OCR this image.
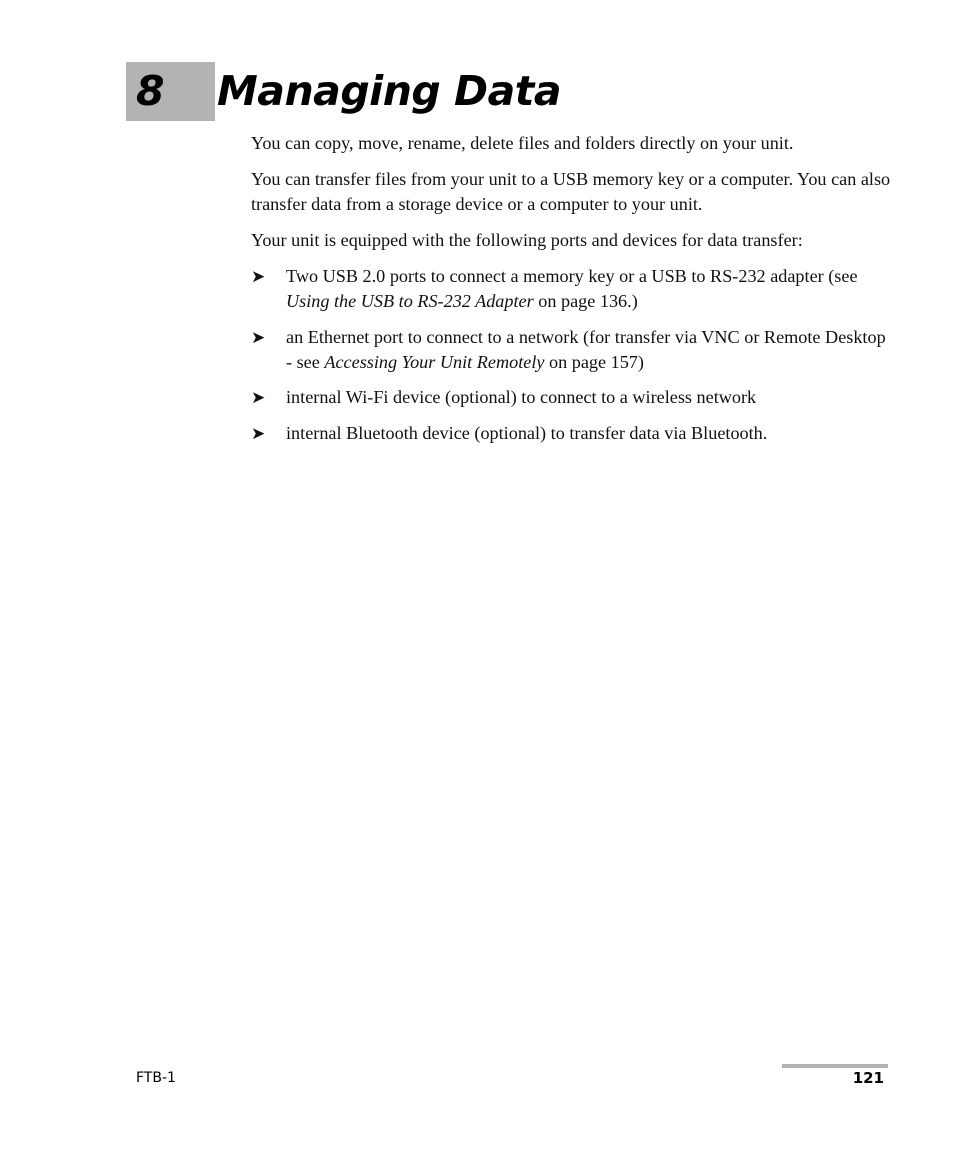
8 Managing Data

You can copy, move, rename, delete files and folders directly on your unit.

You can transfer files from your unit to a USB memory key or a computer. You can also transfer data from a storage device or a computer to your unit.

Your unit is equipped with the following ports and devices for data transfer:

➤ Two USB 2.0 ports to connect a memory key or a USB to RS-232 adapter (see Using the USB to RS-232 Adapter on page 136.)
➤ an Ethernet port to connect to a network (for transfer via VNC or Remote Desktop - see Accessing Your Unit Remotely on page 157)
➤ internal Wi-Fi device (optional) to connect to a wireless network
➤ internal Bluetooth device (optional) to transfer data via Bluetooth.
FTB-1	121
